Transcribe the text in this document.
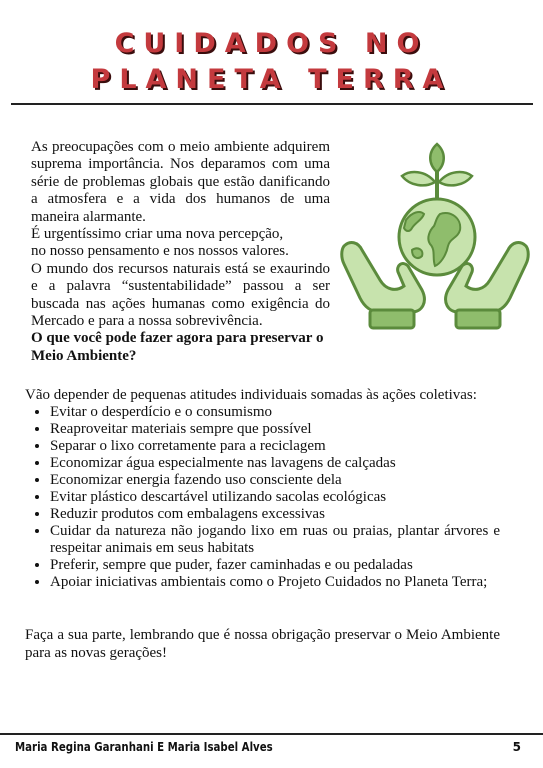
CUIDADOS NO
PLANETA TERRA

As preocupações com o meio ambiente adquirem suprema importância. Nos deparamos com uma série de problemas globais que estão danificando a atmosfera e a vida dos humanos de uma maneira alarmante.

É urgentíssimo criar uma nova percepção,

no nosso pensamento e nos nossos valores.

O mundo dos recursos naturais está se exaurindo e a palavra “sustentabilidade” passou a ser buscada nas ações humanas como exigência do Mercado e para a nossa sobrevivência.

O que você pode fazer agora para preservar o Meio Ambiente?

Vão depender de pequenas atitudes individuais somadas às ações coletivas:

• Evitar o desperdício e o consumismo
• Reaproveitar materiais sempre que possível
• Separar o lixo corretamente para a reciclagem
• Economizar água especialmente nas lavagens de calçadas
• Economizar energia fazendo uso consciente dela
• Evitar plástico descartável utilizando sacolas ecológicas
• Reduzir produtos com embalagens excessivas
• Cuidar da natureza não jogando lixo em ruas ou praias, plantar árvores e respeitar animais em seus habitats
• Preferir, sempre que puder, fazer caminhadas e ou pedaladas
• Apoiar iniciativas ambientais como o Projeto Cuidados no Planeta Terra;

Faça a sua parte, lembrando que é nossa obrigação preservar o Meio Ambiente para as novas gerações!

Maria Regina Garanhani E Maria Isabel Alves	5
